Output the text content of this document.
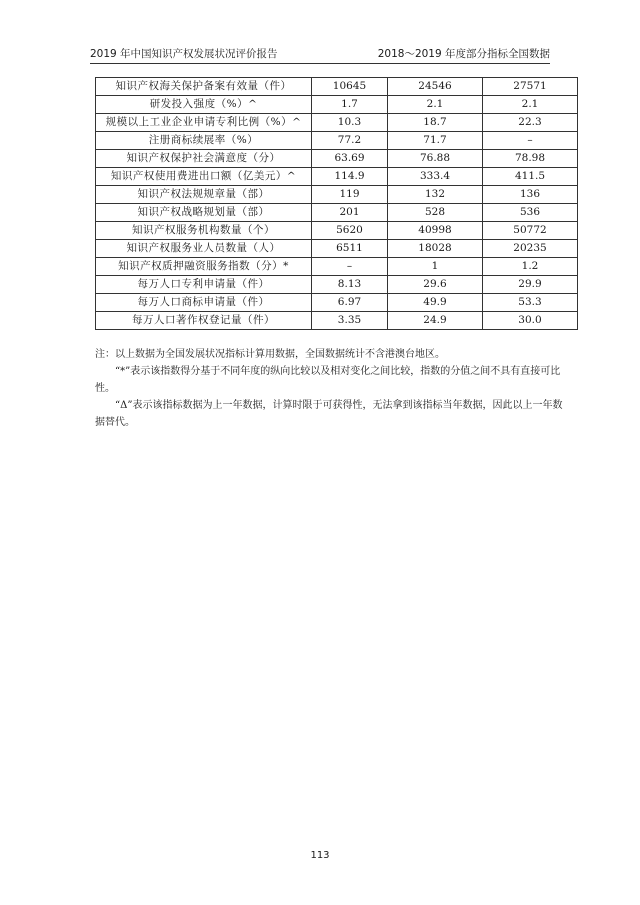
2019 年中国知识产权发展状况评价报告	2018～2019 年度部分指标全国数据
知识产权海关保护备案有效量（件）	10645	24546	27571
研发投入强度（%）^	1.7	2.1	2.1
规模以上工业企业申请专利比例（%）^	10.3	18.7	22.3
注册商标续展率（%）	77.2	71.7	–
知识产权保护社会满意度（分）	63.69	76.88	78.98
知识产权使用费进出口额（亿美元）^	114.9	333.4	411.5
知识产权法规规章量（部）	119	132	136
知识产权战略规划量（部）	201	528	536
知识产权服务机构数量（个）	5620	40998	50772
知识产权服务业人员数量（人）	6511	18028	20235
知识产权质押融资服务指数（分）*	–	1	1.2
每万人口专利申请量（件）	8.13	29.6	29.9
每万人口商标申请量（件）	6.97	49.9	53.3
每万人口著作权登记量（件）	3.35	24.9	30.0

注：以上数据为全国发展状况指标计算用数据，全国数据统计不含港澳台地区。

“*”表示该指数得分基于不同年度的纵向比较以及相对变化之间比较，指数的分值之间不具有直接可比性。

“Δ”表示该指标数据为上一年数据，计算时限于可获得性，无法拿到该指标当年数据，因此以上一年数据替代。

113
